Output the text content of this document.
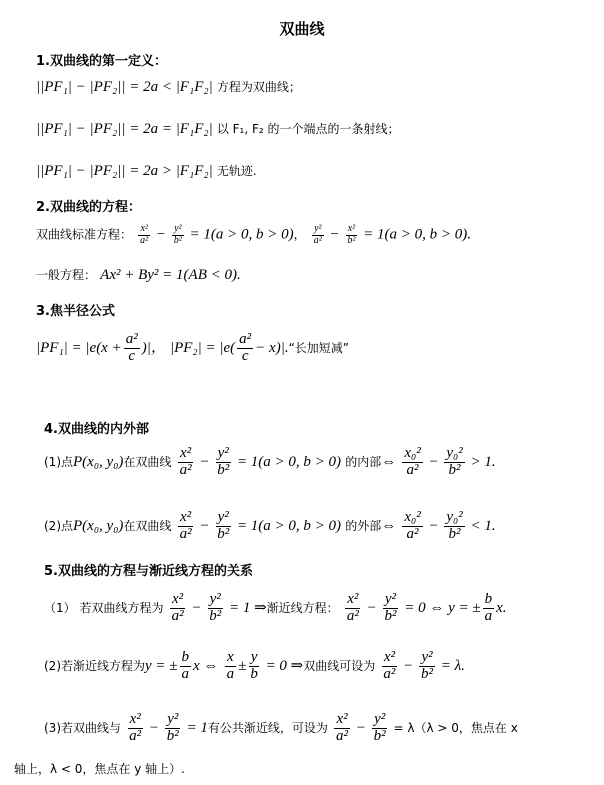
双曲线
1.双曲线的第一定义：
||PF₁| − |PF₂|| = 2a < |F₁F₂| 方程为双曲线；
||PF₁| − |PF₂|| = 2a = |F₁F₂| 以 F₁, F₂ 的一个端点的一条射线；
||PF₁| − |PF₂|| = 2a > |F₁F₂| 无轨迹.
2.双曲线的方程：
双曲线标准方程： $\frac{\text{x²}}{\text{a²}} - \frac{\text{y²}}{\text{b²}} = 1(a > 0$, b > 0)， $\frac{\text{y²}}{\text{a²}} - \frac{\text{x²}}{\text{b²}} = 1(a > 0$, b > 0).
一般方程： Ax² + By² = 1(AB < 0).
3.焦半径公式
$|PF_1| = |e(x + \frac{\text{a²}}{c}$ )|， $|PF_2| = |e( \frac{\text{a²}}{c}$ − x)|.“长加短减”
4.双曲线的内外部
(1)点P(x₀, y₀)在双曲线 $\frac{\text{x²}}{\text{a²}} - \frac{\text{y²}}{\text{b²}} = 1(a > 0$, b > 0) 的内部⇔ $\frac{\text{x₀²}}{\text{a²}} - \frac{\text{y₀²}}{\text{b²}} > 1$.
(2)点P(x₀, y₀)在双曲线 $\frac{\text{x²}}{\text{a²}} - \frac{\text{y²}}{\text{b²}} = 1(a > 0$, b > 0) 的外部⇔ $\frac{\text{x₀²}}{\text{a²}} - \frac{\text{y₀²}}{\text{b²}} < 1$.
5.双曲线的方程与渐近线方程的关系
（1） 若双曲线方程为 $\frac{\text{x²}}{\text{a²}} - \frac{\text{y²}}{\text{b²}} = 1$ ⇒渐近线方程： $\frac{\text{x²}}{\text{a²}} - \frac{\text{y²}}{\text{b²}} = 0$ ⇔ y = ± $\frac{b}{a} x$.
(2)若渐近线方程为y = ± $\frac{b}{a}$ x ⇔ $\frac{x}{a} \pm \frac{y}{b} = 0$ ⇒双曲线可设为 $\frac{\text{x²}}{\text{a²}} - \frac{\text{y²}}{\text{b²}} = \lambda$.
(3)若双曲线与 $\frac{\text{x²}}{\text{a²}} - \frac{\text{y²}}{\text{b²}} = 1$有公共渐近线，可设为 $\frac{\text{x²}}{\text{a²}} - \frac{\text{y²}}{\text{b²}} = \lambda(\lambda > 0$，焦点在 x
轴上，λ < 0，焦点在 y 轴上）.
